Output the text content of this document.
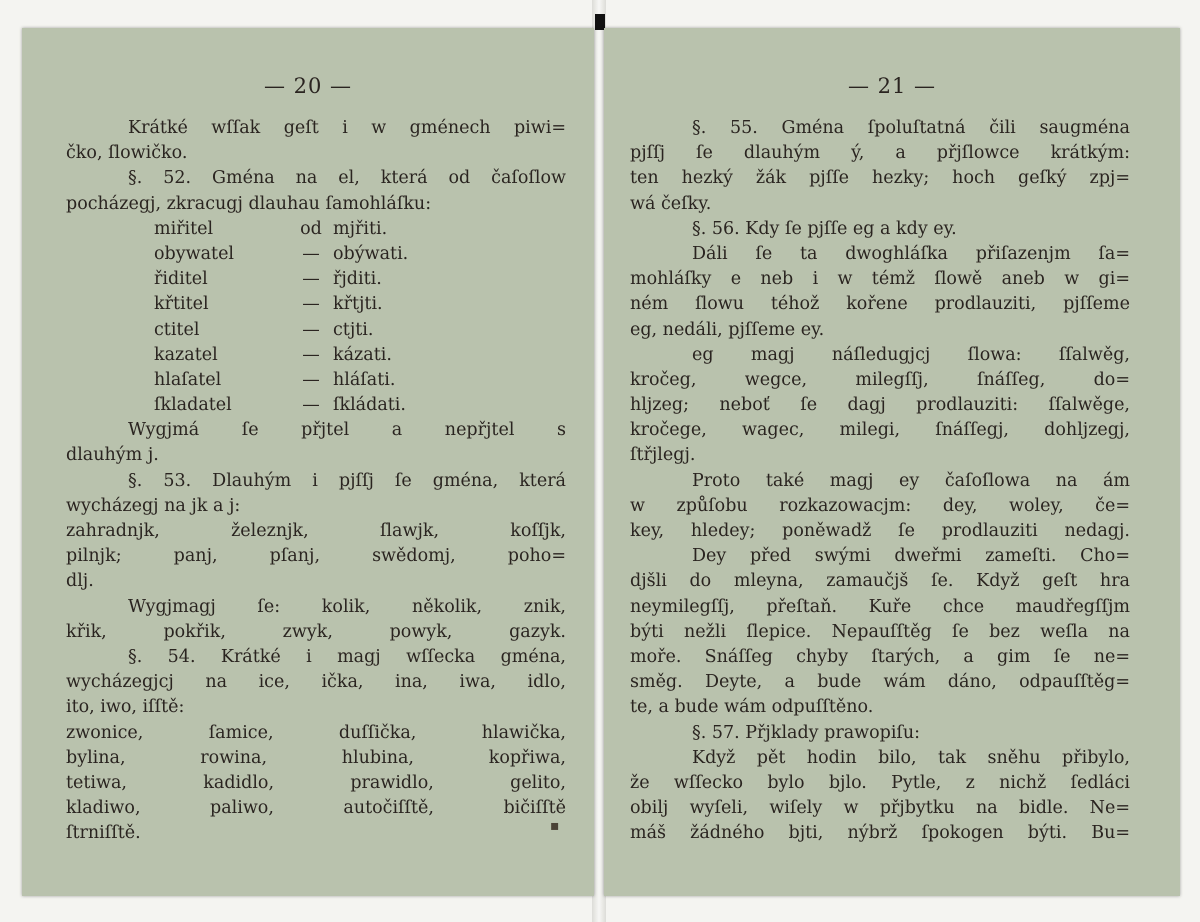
— 20 —
Krátké wſſak geſt i w gménech piwi=
čko, ſlowičko.
§. 52. Gména na el, která od čaſoſlow
pocházegj, zkracugj dlauhau ſamohláſku:
miřitel	od mjřiti.
obywatel	— obýwati.
řiditel	— řjditi.
křtitel	— křtjti.
ctitel	— ctjti.
kazatel	— kázati.
hlaſatel	— hláſati.
ſkladatel	— ſkládati.
Wygjmá ſe přjtel a nepřjtel s
dlauhým j.
§. 53. Dlauhým i pjſſj ſe gména, která
wycházegj na jk a j:
zahradnjk, železnjk, ſlawjk, koſſjk,
pilnjk; panj, pſanj, swědomj, poho=
dlj.
Wygjmagj ſe: kolik, několik, znik,
křik, pokřik, zwyk, powyk, gazyk.
§. 54. Krátké i magj wſſecka gména,
wycházegjcj na ice, ička, ina, iwa, idlo,
ito, iwo, iſſtě:
zwonice, ſamice, duſſička, hlawička,
bylina, rowina, hlubina, kopřiwa,
tetiwa, kadidlo, prawidlo, gelito,
kladiwo, paliwo, autočiſſtě, bičiſſtě
ſtrniſſtě.	▪
— 21 —
§. 55. Gména ſpoluſtatná čili saugména
pjſſj ſe dlauhým ý, a přjſlowce krátkým:
ten hezký žák pjſſe hezky; hoch geſký zpj=
wá čeſky.
§. 56. Kdy ſe pjſſe eg a kdy ey.
Dáli ſe ta dwoghláſka přiſazenjm ſa=
mohláſky e neb i w témž ſlowě aneb w gi=
ném ſlowu téhož kořene prodlauziti, pjſſeme
eg, nedáli, pjſſeme ey.
eg magj náſledugjcj ſlowa: ſſalwěg,
kročeg, wegce, milegſſj, ſnáſſeg, do=
hljzeg; neboť ſe dagj prodlauziti: ſſalwěge,
kročege, wagec, milegi, ſnáſſegj, dohljzegj,
ſtřjlegj.
Proto také magj ey čaſoſlowa na ám
w způſobu rozkazowacjm: dey, woley, če=
key, hledey; poněwadž ſe prodlauziti nedagj.
Dey před swými dweřmi zameſti. Cho=
djšli do mleyna, zamaučjš ſe. Když geſt hra
neymilegſſj, přeſtaň. Kuře chce maudřegſſjm
býti nežli ſlepice. Nepauſſtěg ſe bez weſla na
moře. Snáſſeg chyby ſtarých, a gim ſe ne=
směg. Deyte, a bude wám dáno, odpauſſtěg=
te, a bude wám odpuſſtěno.
§. 57. Přjklady prawopiſu:
Když pět hodin bilo, tak sněhu přibylo,
že wſſecko bylo bjlo. Pytle, z nichž ſedláci
obilj wyſeli, wiſely w přjbytku na bidle. Ne=
máš žádného bjti, nýbrž ſpokogen býti. Bu=
